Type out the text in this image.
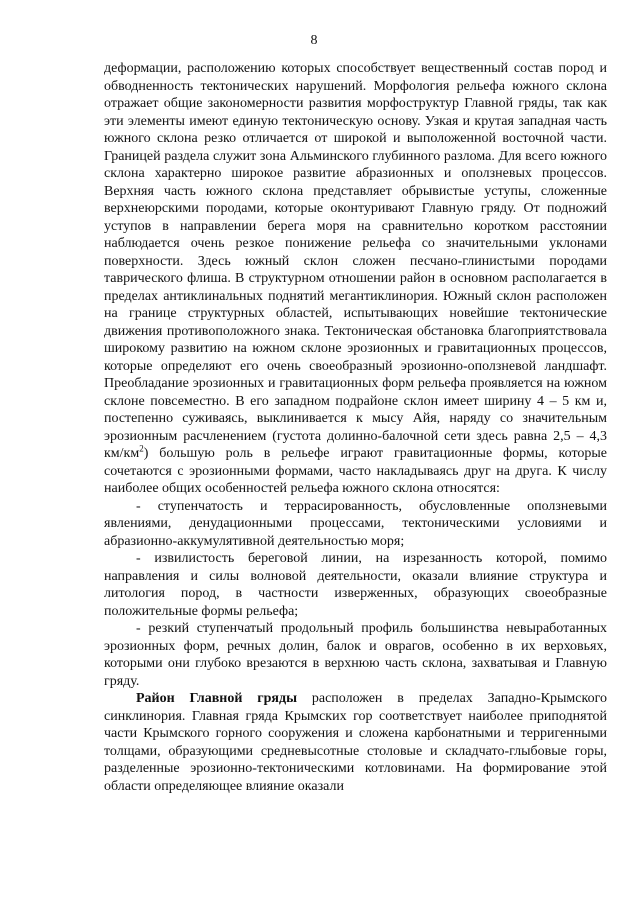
8

деформации, расположению которых способствует вещественный состав пород и обводненность тектонических нарушений. Морфология рельефа южного склона отражает общие закономерности развития морфоструктур Главной гряды, так как эти элементы имеют единую тектоническую основу. Узкая и крутая западная часть южного склона резко отличается от широкой и выположенной восточной части. Границей раздела служит зона Альминского глубинного разлома. Для всего южного склона характерно широкое развитие абразионных и оползневых процессов. Верхняя часть южного склона представляет обрывистые уступы, сложенные верхнеюрскими породами, которые оконтуривают Главную гряду. От подножий уступов в направлении берега моря на сравнительно коротком расстоянии наблюдается очень резкое понижение рельефа со значительными уклонами поверхности. Здесь южный склон сложен песчано-глинистыми породами таврического флиша. В структурном отношении район в основном располагается в пределах антиклинальных поднятий мегантиклинория. Южный склон расположен на границе структурных областей, испытывающих новейшие тектонические движения противоположного знака. Тектоническая обстановка благоприятствовала широкому развитию на южном склоне эрозионных и гравитационных процессов, которые определяют его очень своеобразный эрозионно-оползневой ландшафт. Преобладание эрозионных и гравитационных форм рельефа проявляется на южном склоне повсеместно. В его западном подрайоне склон имеет ширину 4 – 5 км и, постепенно суживаясь, выклинивается к мысу Айя, наряду со значительным эрозионным расчленением (густота долинно-балочной сети здесь равна 2,5 – 4,3 $км/км^2$) большую роль в рельефе играют гравитационные формы, которые сочетаются с эрозионными формами, часто накладываясь друг на друга. К числу наиболее общих особенностей рельефа южного склона относятся:

- ступенчатость и террасированность, обусловленные оползневыми явлениями, денудационными процессами, тектоническими условиями и абразионно-аккумулятивной деятельностью моря;

- извилистость береговой линии, на изрезанность которой, помимо направления и силы волновой деятельности, оказали влияние структура и литология пород, в частности изверженных, образующих своеобразные положительные формы рельефа;

- резкий ступенчатый продольный профиль большинства невыработанных эрозионных форм, речных долин, балок и оврагов, особенно в их верховьях, которыми они глубоко врезаются в верхнюю часть склона, захватывая и Главную гряду.

Район Главной гряды расположен в пределах Западно-Крымского синклинория. Главная гряда Крымских гор соответствует наиболее приподнятой части Крымского горного сооружения и сложена карбонатными и терригенными толщами, образующими средневысотные столовые и складчато-глыбовые горы, разделенные эрозионно-тектоническими котловинами. На формирование этой области определяющее влияние оказали
